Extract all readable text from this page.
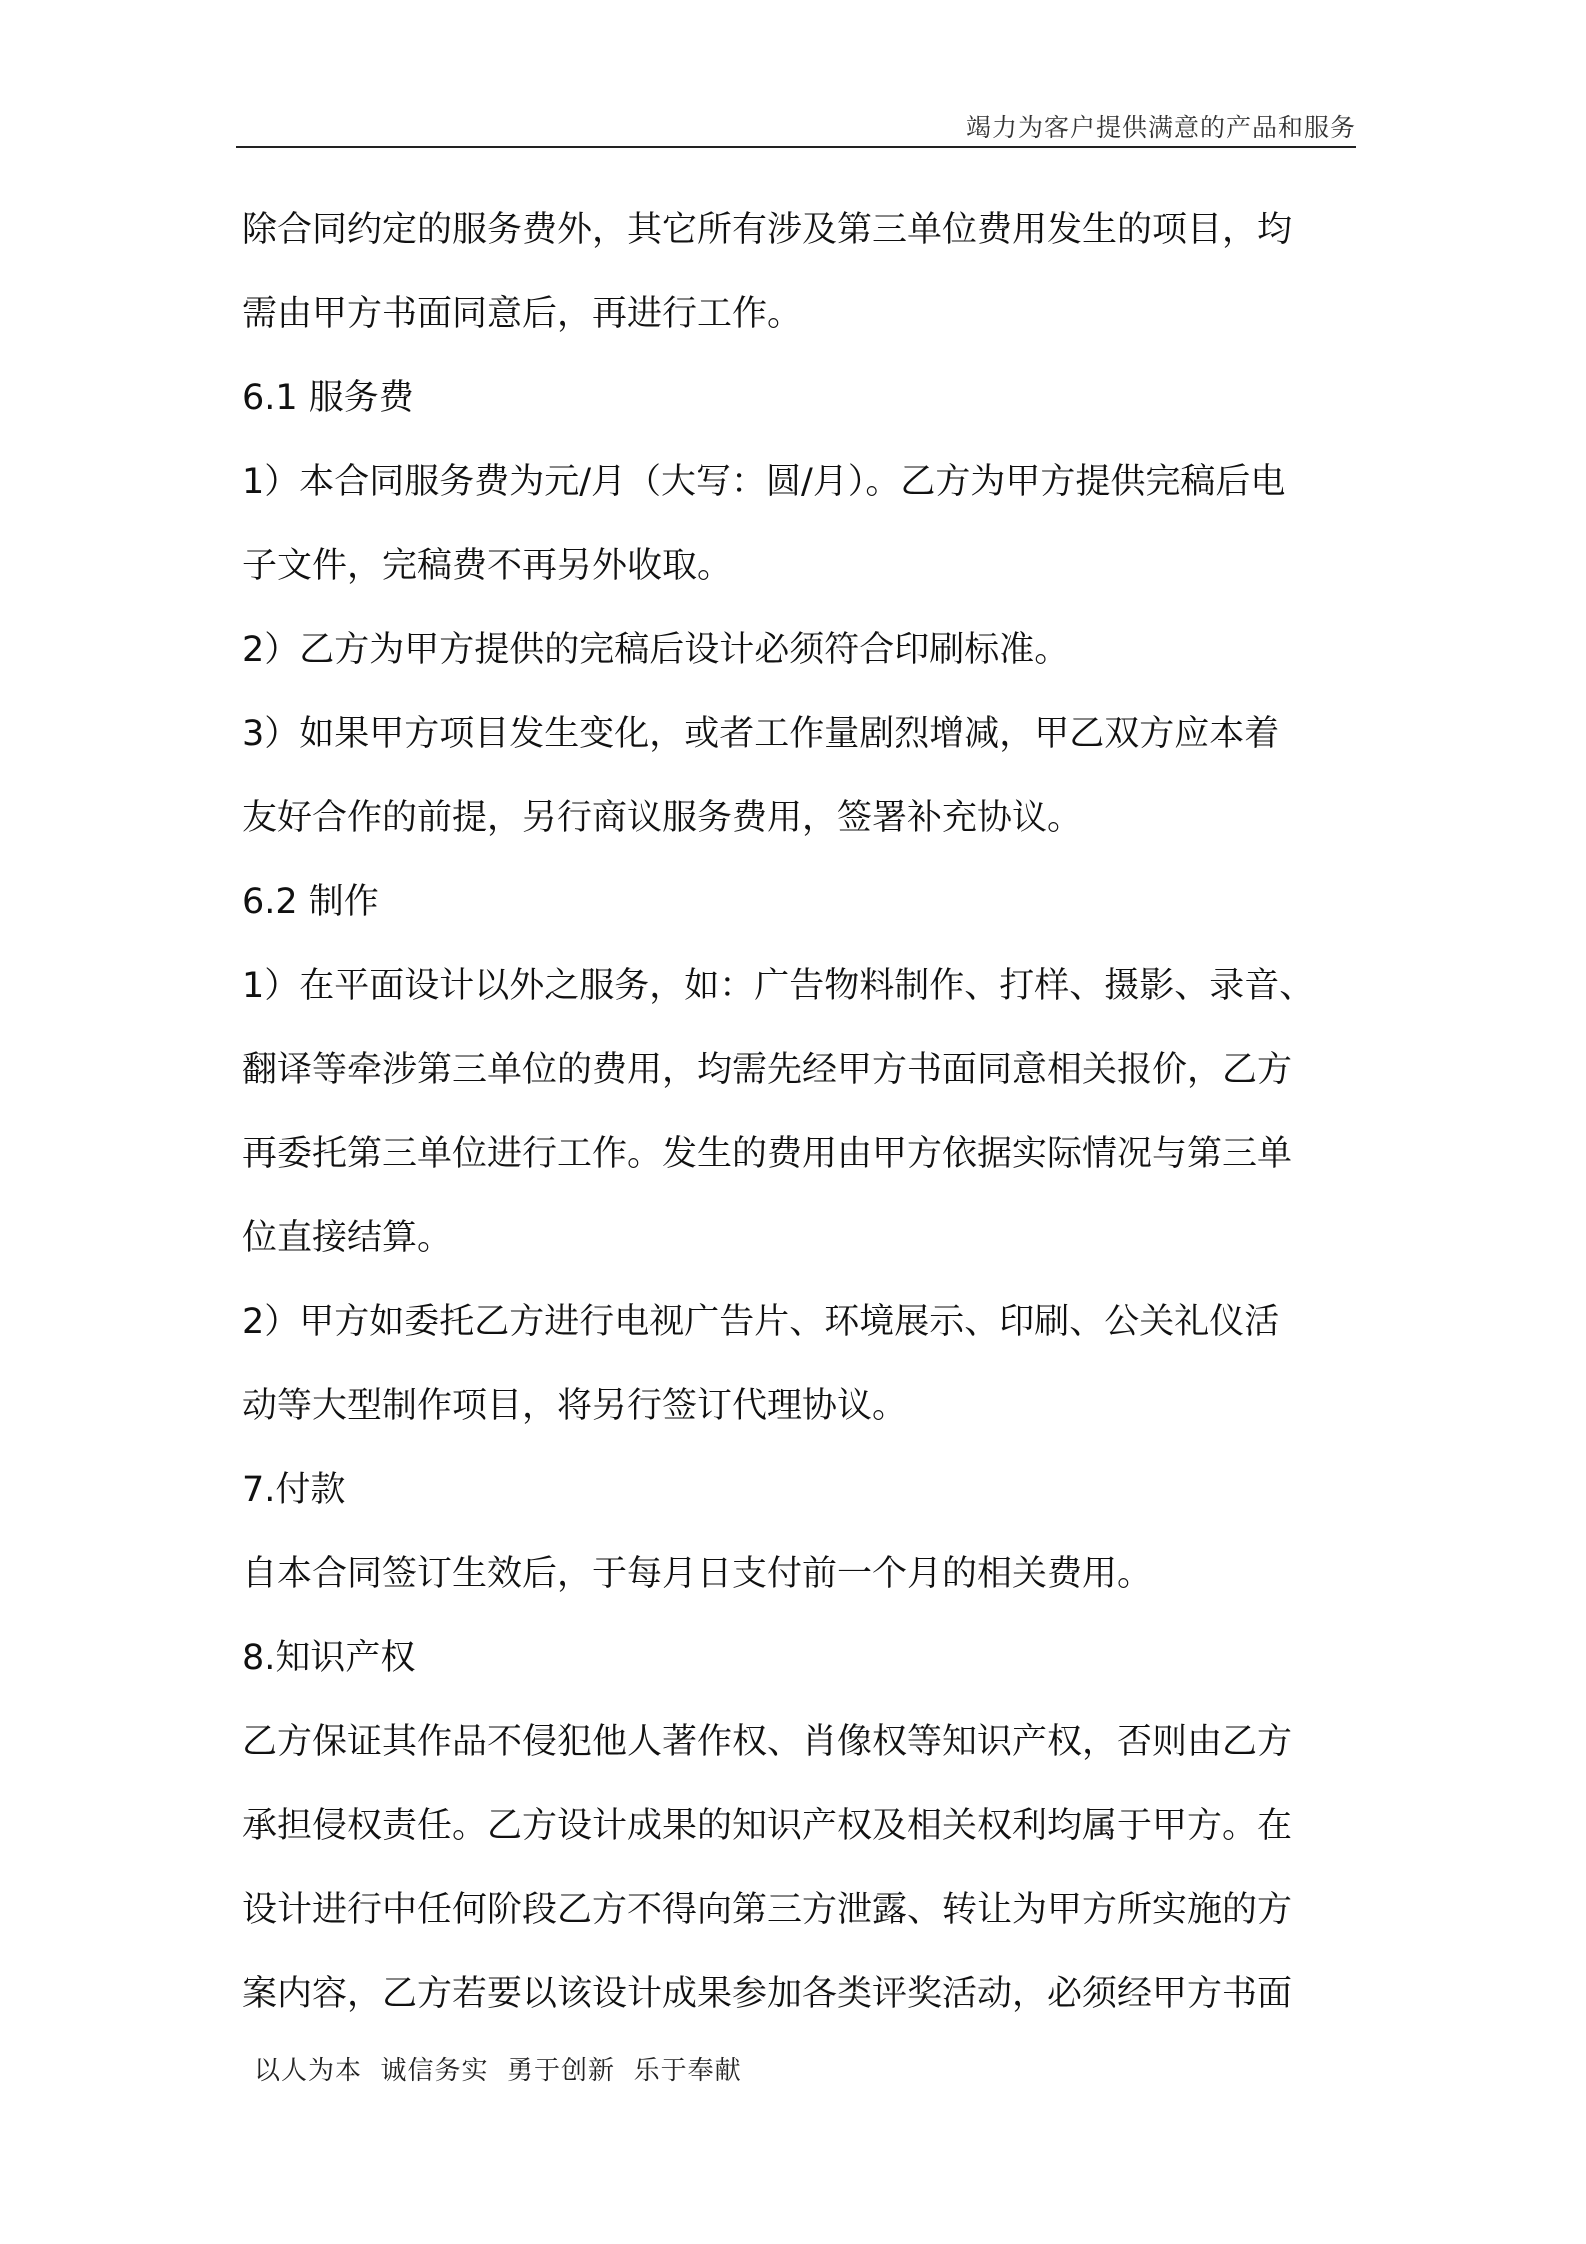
竭力为客户提供满意的产品和服务
除合同约定的服务费外，其它所有涉及第三单位费用发生的项目，均
需由甲方书面同意后，再进行工作。
6.1 服务费
1）本合同服务费为元/月（大写：圆/月）。乙方为甲方提供完稿后电
子文件，完稿费不再另外收取。
2）乙方为甲方提供的完稿后设计必须符合印刷标准。
3）如果甲方项目发生变化，或者工作量剧烈增减，甲乙双方应本着
友好合作的前提，另行商议服务费用，签署补充协议。
6.2 制作
1）在平面设计以外之服务，如：广告物料制作、打样、摄影、录音、
翻译等牵涉第三单位的费用，均需先经甲方书面同意相关报价，乙方
再委托第三单位进行工作。发生的费用由甲方依据实际情况与第三单
位直接结算。
2）甲方如委托乙方进行电视广告片、环境展示、印刷、公关礼仪活
动等大型制作项目，将另行签订代理协议。
7.付款
自本合同签订生效后，于每月日支付前一个月的相关费用。
8.知识产权
乙方保证其作品不侵犯他人著作权、肖像权等知识产权，否则由乙方
承担侵权责任。乙方设计成果的知识产权及相关权利均属于甲方。在
设计进行中任何阶段乙方不得向第三方泄露、转让为甲方所实施的方
案内容，乙方若要以该设计成果参加各类评奖活动，必须经甲方书面
以人为本  诚信务实  勇于创新  乐于奉献
